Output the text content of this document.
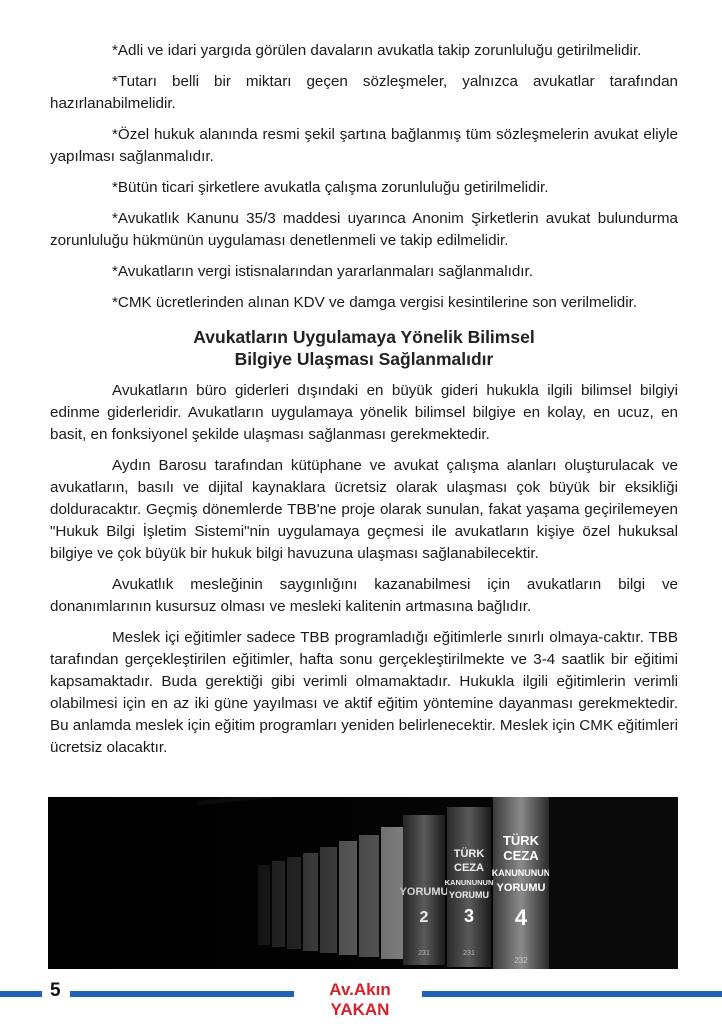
*Adli ve idari yargıda görülen davaların avukatla takip zorunluluğu getirilmelidir.

*Tutarı belli bir miktarı geçen sözleşmeler, yalnızca avukatlar tarafından hazırlanabilmelidir.

*Özel hukuk alanında resmi şekil şartına bağlanmış tüm sözleşmelerin avukat eliyle yapılması sağlanmalıdır.

*Bütün ticari şirketlere avukatla çalışma zorunluluğu getirilmelidir.

*Avukatlık Kanunu 35/3 maddesi uyarınca Anonim Şirketlerin avukat bulundurma zorunluluğu hükmünün uygulaması denetlenmeli ve takip edilmelidir.

*Avukatların vergi istisnalarından yararlanmaları sağlanmalıdır.

*CMK ücretlerinden alınan KDV ve damga vergisi kesintilerine son verilmelidir.

Avukatların Uygulamaya Yönelik Bilimsel
Bilgiye Ulaşması Sağlanmalıdır

Avukatların büro giderleri dışındaki en büyük gideri hukukla ilgili bilimsel bilgiyi edinme giderleridir. Avukatların uygulamaya yönelik bilimsel bilgiye en kolay, en ucuz, en basit, en fonksiyonel şekilde ulaşması sağlanması gerekmektedir.

Aydın Barosu tarafından kütüphane ve avukat çalışma alanları oluşturulacak ve avukatların, basılı ve dijital kaynaklara ücretsiz olarak ulaşması çok büyük bir eksikliği dolduracaktır. Geçmiş dönemlerde TBB'ne proje olarak sunulan, fakat yaşama geçirilemeyen "Hukuk Bilgi İşletim Sistemi"nin uygulamaya geçmesi ile avukatların kişiye özel hukuksal bilgiye ve çok büyük bir hukuk bilgi havuzuna ulaşması sağlanabilecektir.

Avukatlık mesleğinin saygınlığını kazanabilmesi için avukatların bilgi ve donanımlarının kusursuz olması ve mesleki kalitenin artmasına bağlıdır.

Meslek içi eğitimler sadece TBB programladığı eğitimlerle sınırlı olmaya-caktır. TBB tarafından gerçekleştirilen eğitimler, hafta sonu gerçekleştirilmekte ve 3-4 saatlik bir eğitimi kapsamaktadır. Buda gerektiği gibi verimli olmamaktadır. Hukukla ilgili eğitimlerin verimli olabilmesi için en az iki güne yayılması ve aktif eğitim yöntemine dayanması gerekmektedir. Bu anlamda meslek için eğitim programları yeniden belirlenecektir. Meslek için CMK eğitimleri ücretsiz olacaktır.

5	Av.Akın YAKAN
